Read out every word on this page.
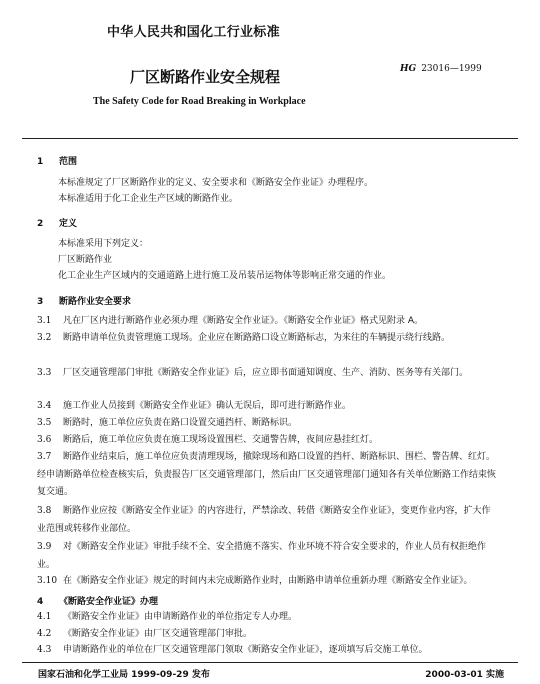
中华人民共和国化工行业标准
厂区断路作业安全规程	HG 23016—1999
The Safety Code for Road Breaking in Workplace
1 范围
本标准规定了厂区断路作业的定义、安全要求和《断路安全作业证》办理程序。
本标准适用于化工企业生产区域的断路作业。
2 定义
本标准采用下列定义：
厂区断路作业
化工企业生产区域内的交通道路上进行施工及吊装吊运物体等影响正常交通的作业。
3 断路作业安全要求
3.1 凡在厂区内进行断路作业必须办理《断路安全作业证》。《断路安全作业证》格式见附录 A。
3.2 断路申请单位负责管理施工现场。企业应在断路路口设立断路标志，为来往的车辆提示绕行线路。
3.3 厂区交通管理部门审批《断路安全作业证》后，应立即书面通知调度、生产、消防、医务等有关部门。
3.4 施工作业人员接到《断路安全作业证》确认无误后，即可进行断路作业。
3.5 断路时，施工单位应负责在路口设置交通挡杆、断路标识。
3.6 断路后，施工单位应负责在施工现场设置围栏、交通警告牌，夜间应悬挂红灯。
3.7 断路作业结束后，施工单位应负责清理现场，撤除现场和路口设置的挡杆、断路标识、围栏、警告牌、红灯。经申请断路单位检查核实后，负责报告厂区交通管理部门，然后由厂区交通管理部门通知各有关单位断路工作结束恢复交通。
3.8 断路作业应按《断路安全作业证》的内容进行，严禁涂改、转借《断路安全作业证》，变更作业内容，扩大作业范围或转移作业部位。
3.9 对《断路安全作业证》审批手续不全、安全措施不落实、作业环境不符合安全要求的，作业人员有权拒绝作业。
3.10 在《断路安全作业证》规定的时间内未完成断路作业时，由断路申请单位重新办理《断路安全作业证》。
4 《断路安全作业证》办理
4.1 《断路安全作业证》由申请断路作业的单位指定专人办理。
4.2 《断路安全作业证》由厂区交通管理部门审批。
4.3 申请断路作业的单位在厂区交通管理部门领取《断路安全作业证》，逐项填写后交施工单位。
国家石油和化学工业局 1999-09-29 发布	2000-03-01 实施
